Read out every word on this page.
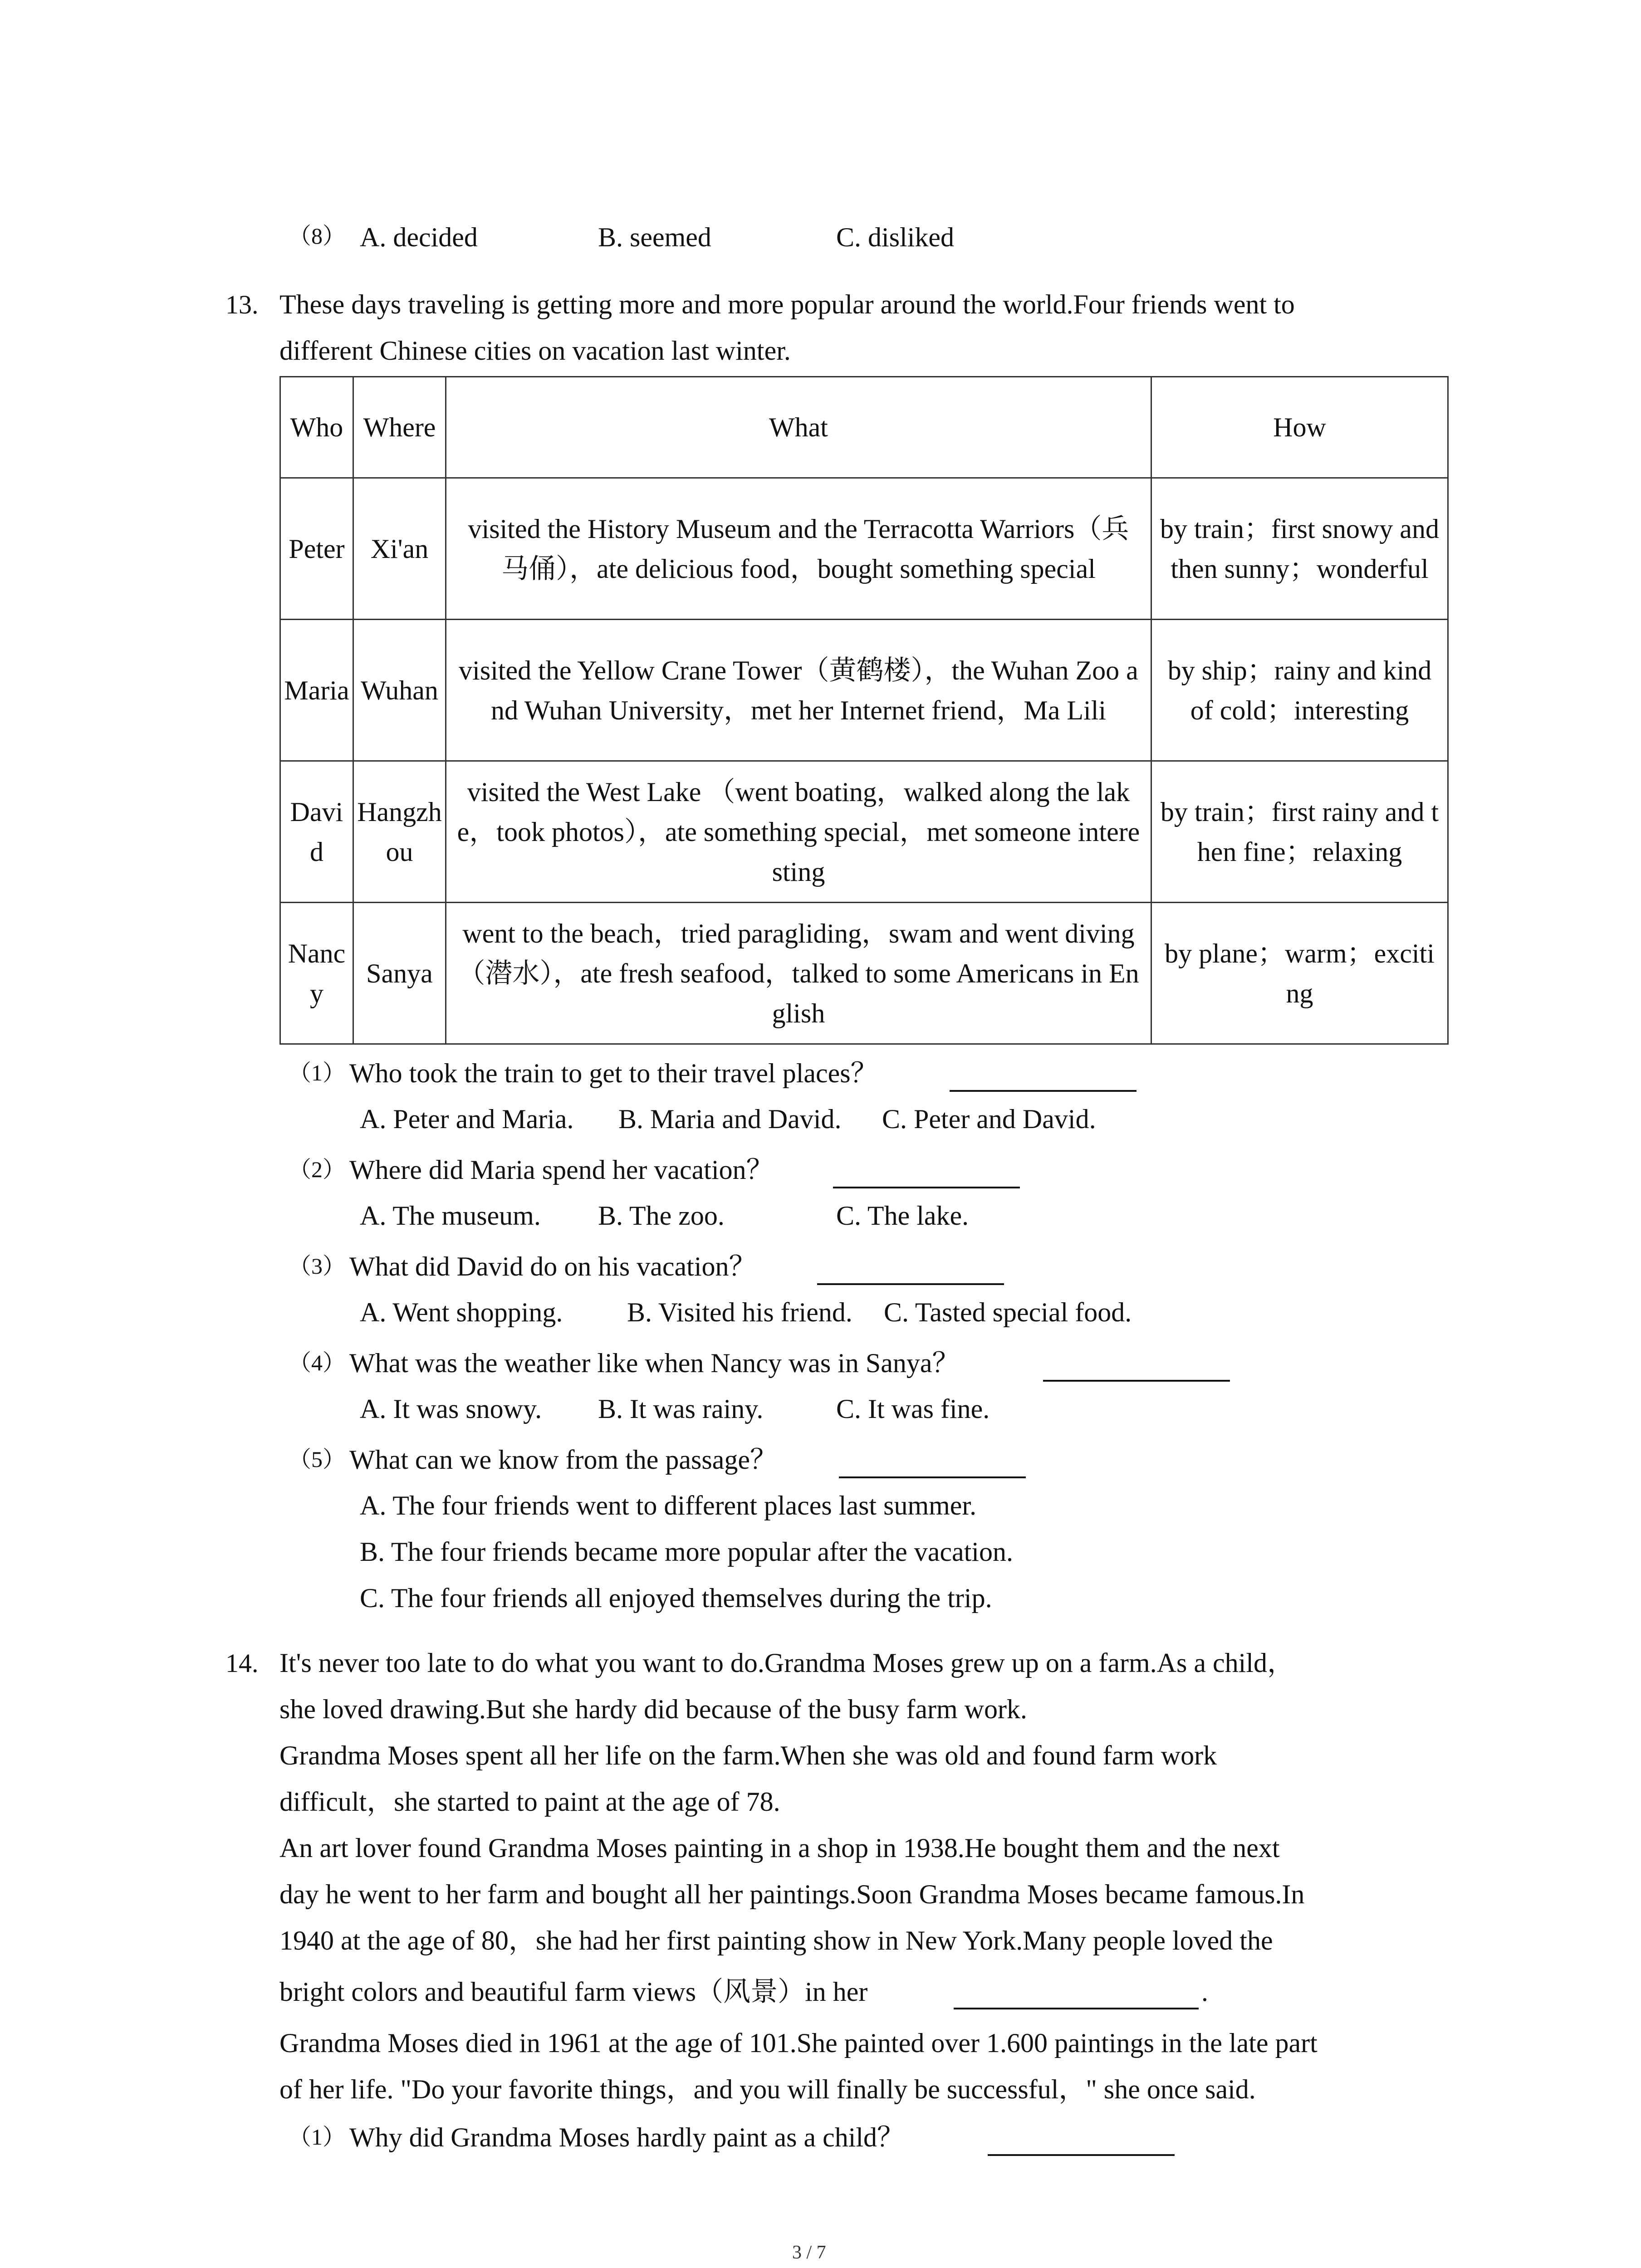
（8） A. decided	B. seemed	C. disliked
13. These days traveling is getting more and more popular around the world.Four friends went to
different Chinese cities on vacation last winter.
Who	Where	What	How
Peter	Xi'an	visited the History Museum and the Terracotta Warriors（兵马俑），ate delicious food，bought something special	by train；first snowy and then sunny；wonderful
Maria	Wuhan	visited the Yellow Crane Tower（黄鹤楼），the Wuhan Zoo and Wuhan University，met her Internet friend，Ma Lili	by ship；rainy and kind of cold；interesting
David	Hangzhou	visited the West Lake （went boating，walked along the lake，took photos），ate something special，met someone interesting	by train；first rainy and then fine；relaxing
Nancy	Sanya	went to the beach，tried paragliding，swam and went diving（潜水），ate fresh seafood，talked to some Americans in English	by plane；warm；exciting
（1） Who took the train to get to their travel places？
A. Peter and Maria. B. Maria and David. C. Peter and David.
（2） Where did Maria spend her vacation？
A. The museum. B. The zoo.	C. The lake.
（3） What did David do on his vacation？
A. Went shopping. B. Visited his friend. C. Tasted special food.
（4） What was the weather like when Nancy was in Sanya？
A. It was snowy. B. It was rainy.	C. It was fine.
（5） What can we know from the passage？
A. The four friends went to different places last summer.
B. The four friends became more popular after the vacation.
C. The four friends all enjoyed themselves during the trip.
14. It's never too late to do what you want to do.Grandma Moses grew up on a farm.As a child，
she loved drawing.But she hardy did because of the busy farm work.
Grandma Moses spent all her life on the farm.When she was old and found farm work
difficult，she started to paint at the age of 78.
An art lover found Grandma Moses painting in a shop in 1938.He bought them and the next
day he went to her farm and bought all her paintings.Soon Grandma Moses became famous.In
1940 at the age of 80，she had her first painting show in New York.Many people loved the
bright colors and beautiful farm views（风景）in her	.
Grandma Moses died in 1961 at the age of 101.She painted over 1.600 paintings in the late part
of her life. "Do your favorite things，and you will finally be successful，" she once said.
（1） Why did Grandma Moses hardly paint as a child？
3 / 7
